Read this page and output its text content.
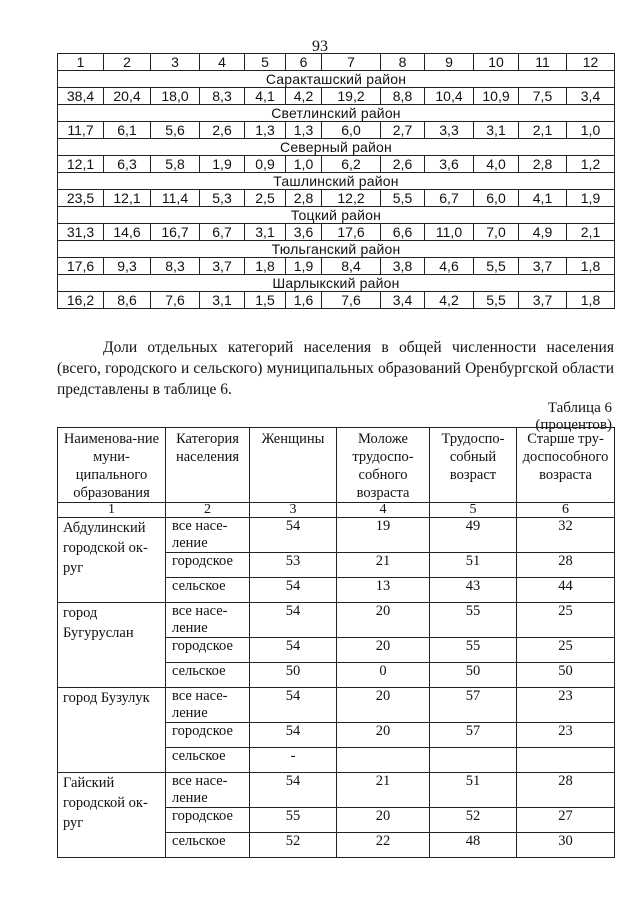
93
1	2	3	4	5	6	7	8	9	10	11	12
Саракташский район											
38,4	20,4	18,0	8,3	4,1	4,2	19,2	8,8	10,4	10,9	7,5	3,4
Светлинский район											
11,7	6,1	5,6	2,6	1,3	1,3	6,0	2,7	3,3	3,1	2,1	1,0
Северный район											
12,1	6,3	5,8	1,9	0,9	1,0	6,2	2,6	3,6	4,0	2,8	1,2
Ташлинский район											
23,5	12,1	11,4	5,3	2,5	2,8	12,2	5,5	6,7	6,0	4,1	1,9
Тоцкий район											
31,3	14,6	16,7	6,7	3,1	3,6	17,6	6,6	11,0	7,0	4,9	2,1
Тюльганский район											
17,6	9,3	8,3	3,7	1,8	1,9	8,4	3,8	4,6	5,5	3,7	1,8
Шарлыкский район											
16,2	8,6	7,6	3,1	1,5	1,6	7,6	3,4	4,2	5,5	3,7	1,8
Доли отдельных категорий населения в общей численности населения (всего, городского и сельского) муниципальных образований Оренбургской области представлены в таблице 6.
Таблица 6
(процентов)
Наименова-ние муни-ципального образования	Категория населения	Женщины	Моложе трудоспо-собного возраста	Трудоспо-собный возраст	Старше тру-доспособного возраста
1	2	3	4	5	6
Абдулинский городской ок-руг	все насе-ление	54	19	49	32
	городское	53	21	51	28
	сельское	54	13	43	44
город Бугуруслан	все насе-ление	54	20	55	25
	городское	54	20	55	25
	сельское	50	0	50	50
город Бузулук	все насе-ление	54	20	57	23
	городское	54	20	57	23
	сельское	-			
Гайский городской ок-руг	все насе-ление	54	21	51	28
	городское	55	20	52	27
	сельское	52	22	48	30
